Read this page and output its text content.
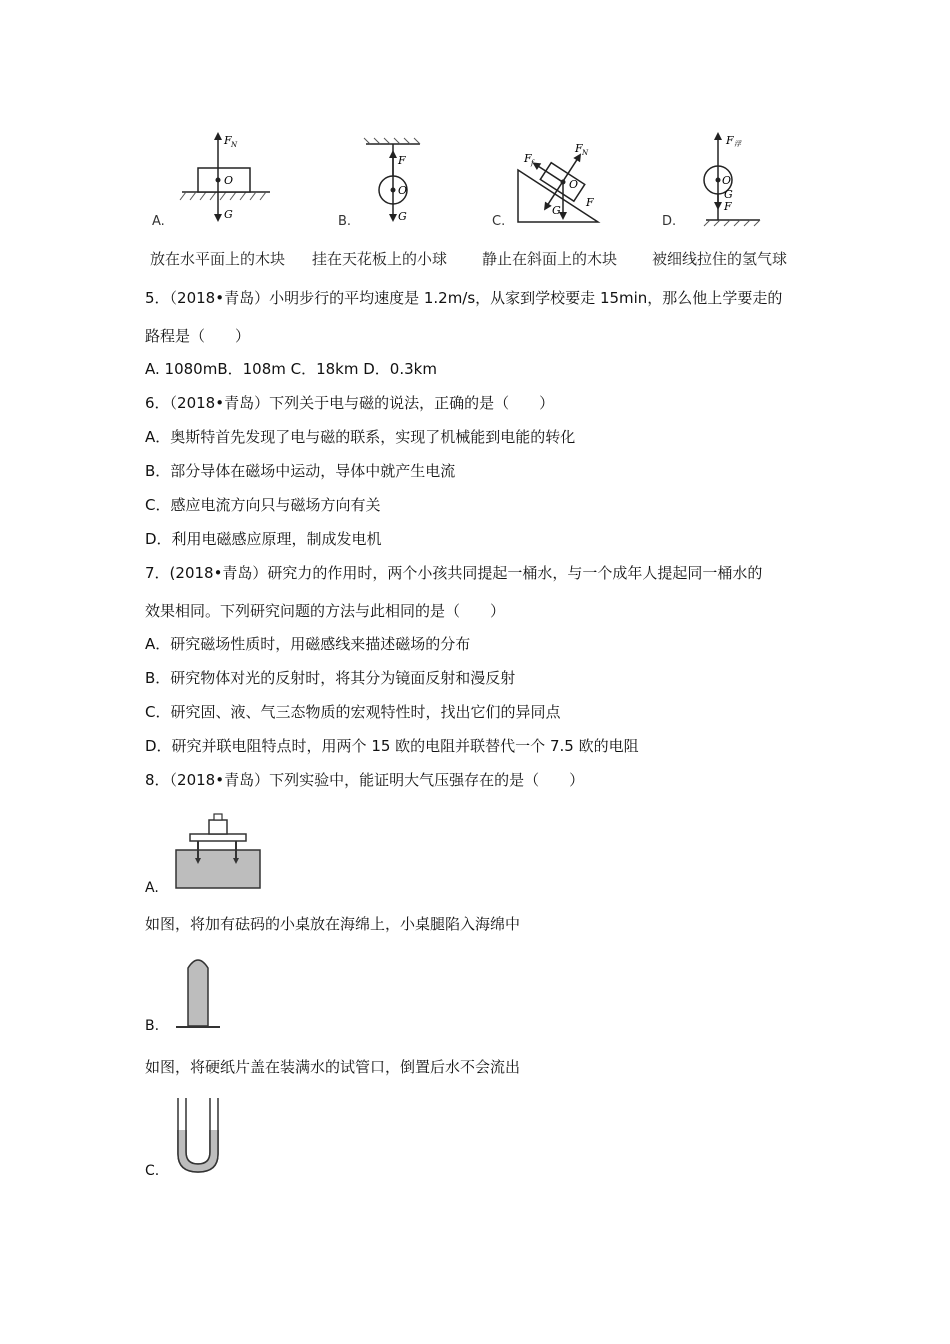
F N
O
G
A.
放在水平面上的木块
F
O
G
B.
挂在天花板上的小球
F f
F N
O
G
F
C.
静止在斜面上的木块
F 浮
O
G
F
D.
被细线拉住的氢气球
5．（2018•青岛）小明步行的平均速度是 1.2m/s，从家到学校要走 15min，那么他上学要走的
路程是（　　）
A. 1080mB．108m C．18km D．0.3km
6．（2018•青岛）下列关于电与磁的说法，正确的是（　　）
A．奥斯特首先发现了电与磁的联系，实现了机械能到电能的转化
B．部分导体在磁场中运动，导体中就产生电流
C．感应电流方向只与磁场方向有关
D．利用电磁感应原理，制成发电机
7．(2018•青岛）研究力的作用时，两个小孩共同提起一桶水，与一个成年人提起同一桶水的
效果相同。下列研究问题的方法与此相同的是（　　）
A．研究磁场性质时，用磁感线来描述磁场的分布
B．研究物体对光的反射时，将其分为镜面反射和漫反射
C．研究固、液、气三态物质的宏观特性时，找出它们的异同点
D．研究并联电阻特点时，用两个 15 欧的电阻并联替代一个 7.5 欧的电阻
8．（2018•青岛）下列实验中，能证明大气压强存在的是（　　）
A.
如图，将加有砝码的小桌放在海绵上，小桌腿陷入海绵中
B.
如图，将硬纸片盖在装满水的试管口，倒置后水不会流出
C.
